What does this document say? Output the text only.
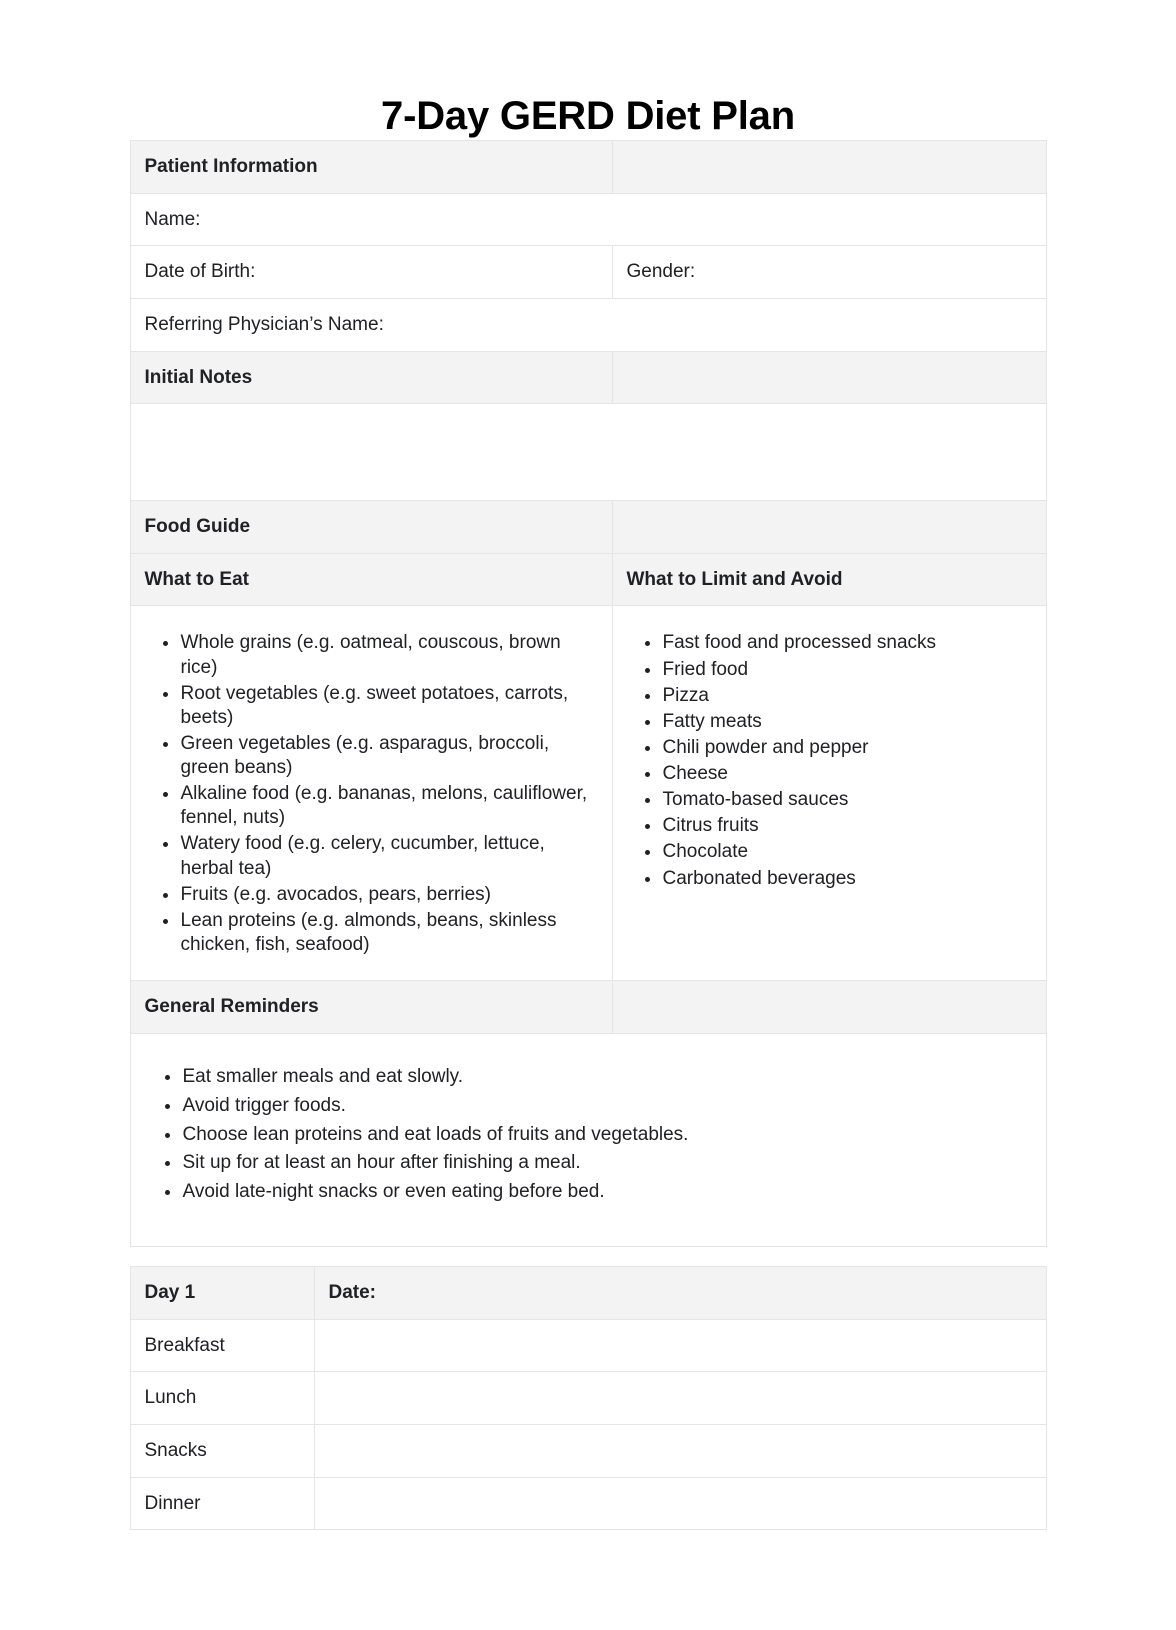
7-Day GERD Diet Plan
Patient Information	
Name:	
Date of Birth:	Gender:
Referring Physician’s Name:	
Initial Notes	

Food Guide	
What to Eat	What to Limit and Avoid

Whole grains (e.g. oatmeal, couscous, brown rice)
Root vegetables (e.g. sweet potatoes, carrots, beets)
Green vegetables (e.g. asparagus, broccoli, green beans)
Alkaline food (e.g. bananas, melons, cauliflower, fennel, nuts)
Watery food (e.g. celery, cucumber, lettuce, herbal tea)
Fruits (e.g. avocados, pears, berries)
Lean proteins (e.g. almonds, beans, skinless chicken, fish, seafood)

Fast food and processed snacks
Fried food
Pizza
Fatty meats
Chili powder and pepper
Cheese
Tomato-based sauces
Citrus fruits
Chocolate
Carbonated beverages

General Reminders	

Eat smaller meals and eat slowly.
Avoid trigger foods.
Choose lean proteins and eat loads of fruits and vegetables.
Sit up for at least an hour after finishing a meal.
Avoid late-night snacks or even eating before bed.
Day 1	Date:
Breakfast	
Lunch	
Snacks	
Dinner	
